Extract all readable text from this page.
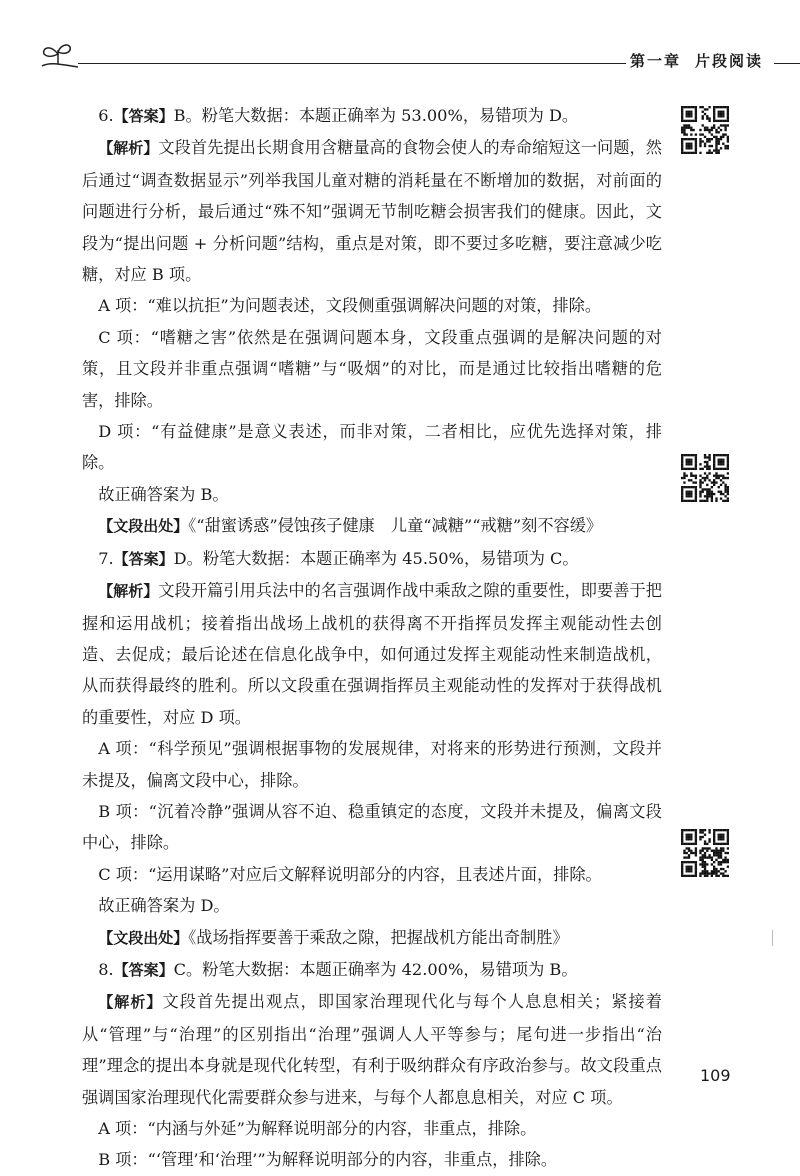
第一章 片段阅读

6.【答案】B。粉笔大数据：本题正确率为 53.00%，易错项为 D。

【解析】文段首先提出长期食用含糖量高的食物会使人的寿命缩短这一问题，然后通过“调查数据显示”列举我国儿童对糖的消耗量在不断增加的数据，对前面的问题进行分析，最后通过“殊不知”强调无节制吃糖会损害我们的健康。因此，文段为“提出问题 + 分析问题”结构，重点是对策，即不要过多吃糖，要注意减少吃糖，对应 B 项。

A 项：“难以抗拒”为问题表述，文段侧重强调解决问题的对策，排除。

C 项：“嗜糖之害”依然是在强调问题本身，文段重点强调的是解决问题的对策，且文段并非重点强调“嗜糖”与“吸烟”的对比，而是通过比较指出嗜糖的危害，排除。

D 项：“有益健康”是意义表述，而非对策，二者相比，应优先选择对策，排除。

故正确答案为 B。

【文段出处】《“甜蜜诱惑”侵蚀孩子健康　儿童“减糖”“戒糖”刻不容缓》

7.【答案】D。粉笔大数据：本题正确率为 45.50%，易错项为 C。

【解析】文段开篇引用兵法中的名言强调作战中乘敌之隙的重要性，即要善于把握和运用战机；接着指出战场上战机的获得离不开指挥员发挥主观能动性去创造、去促成；最后论述在信息化战争中，如何通过发挥主观能动性来制造战机，从而获得最终的胜利。所以文段重在强调指挥员主观能动性的发挥对于获得战机的重要性，对应 D 项。

A 项：“科学预见”强调根据事物的发展规律，对将来的形势进行预测，文段并未提及，偏离文段中心，排除。

B 项：“沉着冷静”强调从容不迫、稳重镇定的态度，文段并未提及，偏离文段中心，排除。

C 项：“运用谋略”对应后文解释说明部分的内容，且表述片面，排除。

故正确答案为 D。

【文段出处】《战场指挥要善于乘敌之隙，把握战机方能出奇制胜》

8.【答案】C。粉笔大数据：本题正确率为 42.00%，易错项为 B。

【解析】文段首先提出观点，即国家治理现代化与每个人息息相关；紧接着从“管理”与“治理”的区别指出“治理”强调人人平等参与；尾句进一步指出“治理”理念的提出本身就是现代化转型，有利于吸纳群众有序政治参与。故文段重点强调国家治理现代化需要群众参与进来，与每个人都息息相关，对应 C 项。

A 项：“内涵与外延”为解释说明部分的内容，非重点，排除。

B 项：“‘管理’和‘治理’”为解释说明部分的内容，非重点，排除。

109
